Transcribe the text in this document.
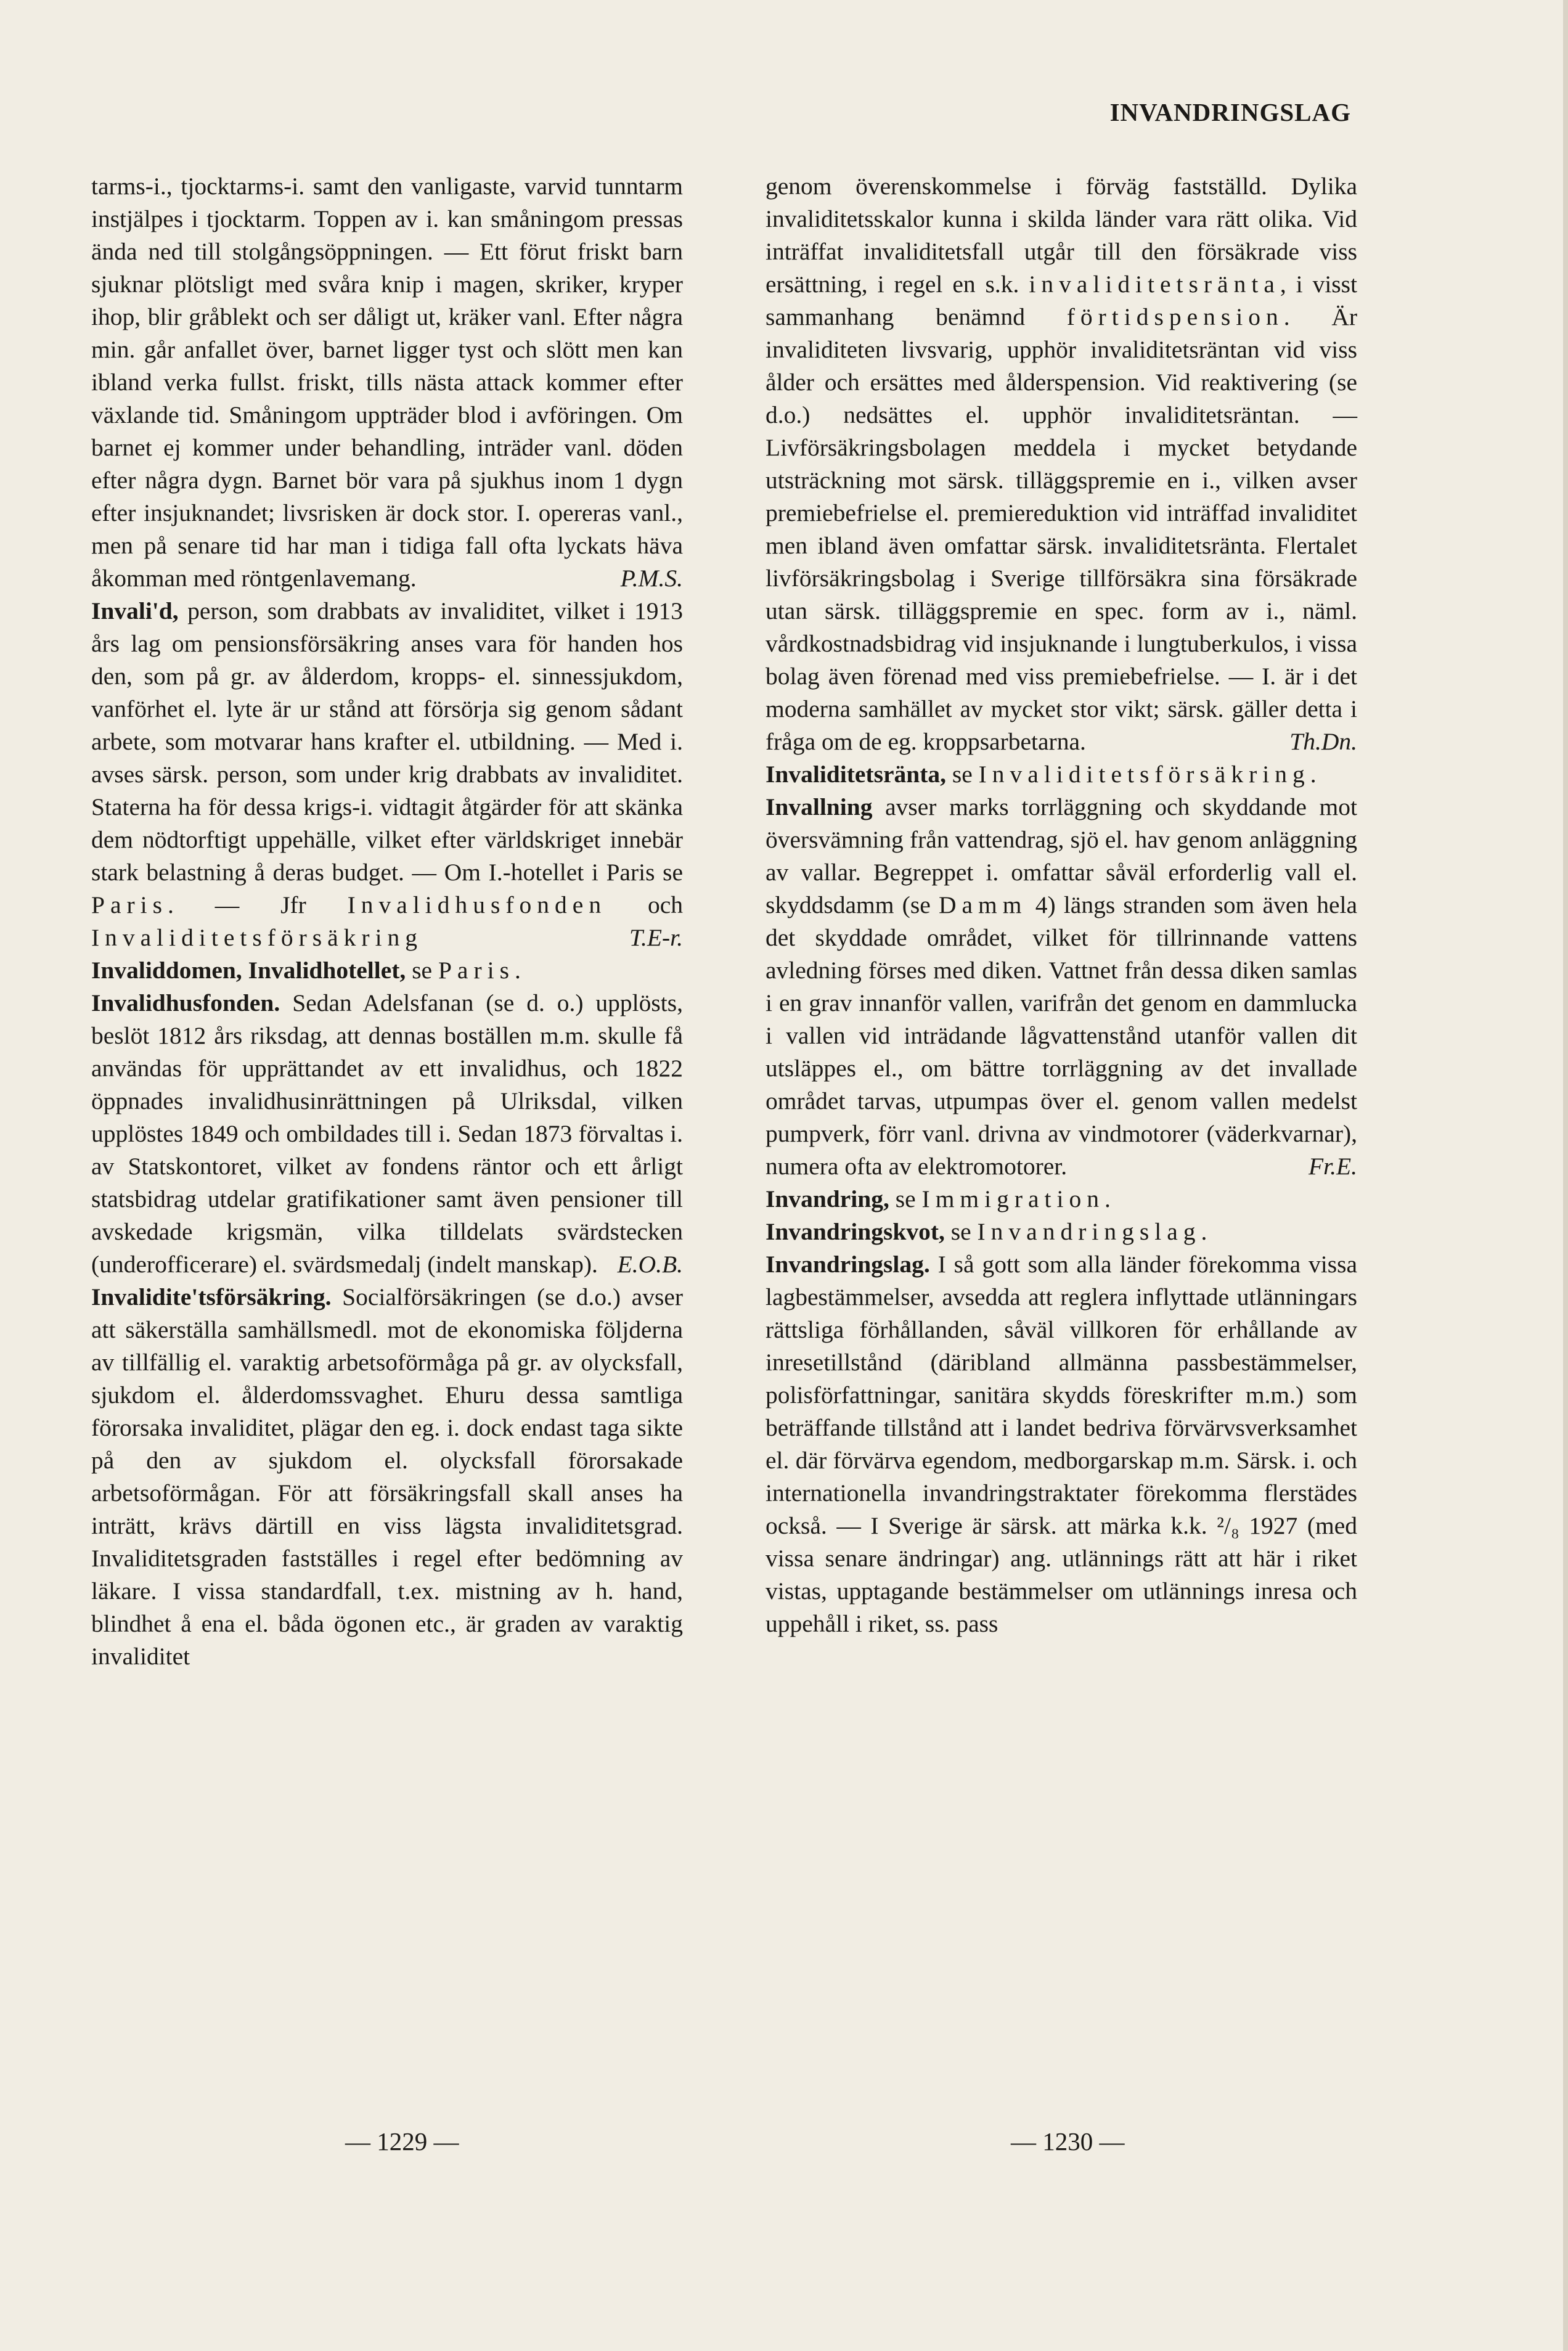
INVANDRINGSLAG

tarms-i., tjocktarms-i. samt den vanligaste, varvid tunntarm instjälpes i tjocktarm. Toppen av i. kan småningom pressas ända ned till stolgångsöppningen. — Ett förut friskt barn sjuknar plötsligt med svåra knip i magen, skriker, kryper ihop, blir gråblekt och ser dåligt ut, kräker vanl. Efter några min. går anfallet över, barnet ligger tyst och slött men kan ibland verka fullst. friskt, tills nästa attack kommer efter växlande tid. Småningom uppträder blod i avföringen. Om barnet ej kommer under behandling, inträder vanl. döden efter några dygn. Barnet bör vara på sjukhus inom 1 dygn efter insjuknandet; livsrisken är dock stor. I. opereras vanl., men på senare tid har man i tidiga fall ofta lyckats häva åkomman med röntgenlavemang.	P.M.S.

Invali'd, person, som drabbats av invaliditet, vilket i 1913 års lag om pensionsförsäkring anses vara för handen hos den, som på gr. av ålderdom, kropps- el. sinnessjukdom, vanförhet el. lyte är ur stånd att försörja sig genom sådant arbete, som motvarar hans krafter el. utbildning. — Med i. avses särsk. person, som under krig drabbats av invaliditet. Staterna ha för dessa krigs-i. vidtagit åtgärder för att skänka dem nödtorftigt uppehälle, vilket efter världskriget innebär stark belastning å deras budget. — Om I.-hotellet i Paris se Paris. — Jfr Invalidhusfonden och Invaliditetsförsäkring	T.E-r.

Invaliddomen, Invalidhotellet, se Paris.

Invalidhusfonden. Sedan Adelsfanan (se d. o.) upplösts, beslöt 1812 års riksdag, att dennas boställen m.m. skulle få användas för upprättandet av ett invalidhus, och 1822 öppnades invalidhusinrättningen på Ulriksdal, vilken upplöstes 1849 och ombildades till i. Sedan 1873 förvaltas i. av Statskontoret, vilket av fondens räntor och ett årligt statsbidrag utdelar gratifikationer samt även pensioner till avskedade krigsmän, vilka tilldelats svärdstecken (underofficerare) el. svärdsmedalj (indelt manskap). E.O.B.

Invalidite'tsförsäkring. Socialförsäkringen (se d.o.) avser att säkerställa samhällsmedl. mot de ekonomiska följderna av tillfällig el. varaktig arbetsoförmåga på gr. av olycksfall, sjukdom el. ålderdomssvaghet. Ehuru dessa samtliga förorsaka invaliditet, plägar den eg. i. dock endast taga sikte på den av sjukdom el. olycksfall förorsakade arbetsoförmågan. För att försäkringsfall skall anses ha inträtt, krävs därtill en viss lägsta invaliditetsgrad. Invaliditetsgraden fastställes i regel efter bedömning av läkare. I vissa standardfall, t.ex. mistning av h. hand, blindhet å ena el. båda ögonen etc., är graden av varaktig invaliditet

genom överenskommelse i förväg fastställd. Dylika invaliditetsskalor kunna i skilda länder vara rätt olika. Vid inträffat invaliditetsfall utgår till den försäkrade viss ersättning, i regel en s.k. invaliditetsränta, i visst sammanhang benämnd förtidspension. Är invaliditeten livsvarig, upphör invaliditetsräntan vid viss ålder och ersättes med ålderspension. Vid reaktivering (se d.o.) nedsättes el. upphör invaliditetsräntan. — Livförsäkringsbolagen meddela i mycket betydande utsträckning mot särsk. tilläggspremie en i., vilken avser premiebefrielse el. premiereduktion vid inträffad invaliditet men ibland även omfattar särsk. invaliditetsränta. Flertalet livförsäkringsbolag i Sverige tillförsäkra sina försäkrade utan särsk. tilläggspremie en spec. form av i., näml. vårdkostnadsbidrag vid insjuknande i lungtuberkulos, i vissa bolag även förenad med viss premiebefrielse. — I. är i det moderna samhället av mycket stor vikt; särsk. gäller detta i fråga om de eg. kroppsarbetarna.	Th.Dn.

Invaliditetsränta, se Invaliditetsförsäkring.

Invallning avser marks torrläggning och skyddande mot översvämning från vattendrag, sjö el. hav genom anläggning av vallar. Begreppet i. omfattar såväl erforderlig vall el. skyddsdamm (se Damm 4) längs stranden som även hela det skyddade området, vilket för tillrinnande vattens avledning förses med diken. Vattnet från dessa diken samlas i en grav innanför vallen, varifrån det genom en dammlucka i vallen vid inträdande lågvattenstånd utanför vallen dit utsläppes el., om bättre torrläggning av det invallade området tarvas, utpumpas över el. genom vallen medelst pumpverk, förr vanl. drivna av vindmotorer (väderkvarnar), numera ofta av elektromotorer.	Fr.E.

Invandring, se Immigration.

Invandringskvot, se Invandringslag.

Invandringslag. I så gott som alla länder förekomma vissa lagbestämmelser, avsedda att reglera inflyttade utlänningars rättsliga förhållanden, såväl villkoren för erhållande av inresetillstånd (däribland allmänna passbestämmelser, polisförfattningar, sanitära skydds föreskrifter m.m.) som beträffande tillstånd att i landet bedriva förvärvsverksamhet el. där förvärva egendom, medborgarskap m.m. Särsk. i. och internationella invandringstraktater förekomma flerstädes också. — I Sverige är särsk. att märka k.k. ²/₈ 1927 (med vissa senare ändringar) ang. utlännings rätt att här i riket vistas, upptagande bestämmelser om utlännings inresa och uppehåll i riket, ss. pass

— 1229 —	— 1230 —
